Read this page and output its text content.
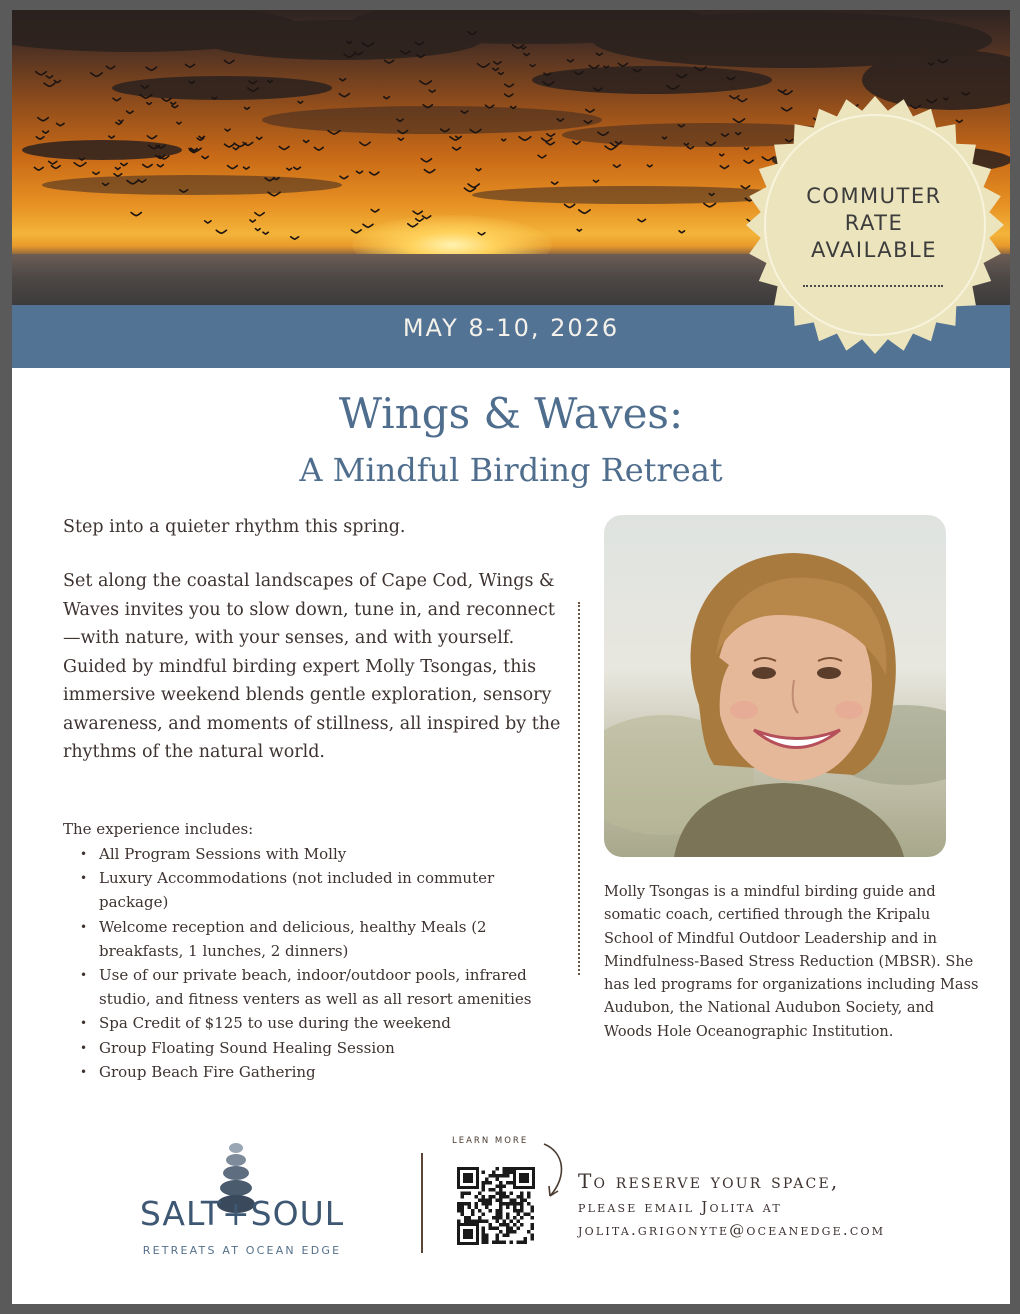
MAY 8-10, 2026
COMMUTER
RATE
AVAILABLE
Wings & Waves:
A Mindful Birding Retreat

Step into a quieter rhythm this spring.

Set along the coastal landscapes of Cape Cod, Wings & Waves invites you to slow down, tune in, and reconnect—with nature, with your senses, and with yourself. Guided by mindful birding expert Molly Tsongas, this immersive weekend blends gentle exploration, sensory awareness, and moments of stillness, all inspired by the rhythms of the natural world.

The experience includes:

• All Program Sessions with Molly
• Luxury Accommodations (not included in commuter package)
• Welcome reception and delicious, healthy Meals (2 breakfasts, 1 lunches, 2 dinners)
• Use of our private beach, indoor/outdoor pools, infrared studio, and fitness venters as well as all resort amenities
• Spa Credit of $125 to use during the weekend
• Group Floating Sound Healing Session
• Group Beach Fire Gathering

Molly Tsongas is a mindful birding guide and somatic coach, certified through the Kripalu School of Mindful Outdoor Leadership and in Mindfulness-Based Stress Reduction (MBSR). She has led programs for organizations including Mass Audubon, the National Audubon Society, and Woods Hole Oceanographic Institution.

SALT+SOUL
RETREATS AT OCEAN EDGE
LEARN MORE

To reserve your space,

please email Jolita at

jolita.grigonyte@oceanedge.com
